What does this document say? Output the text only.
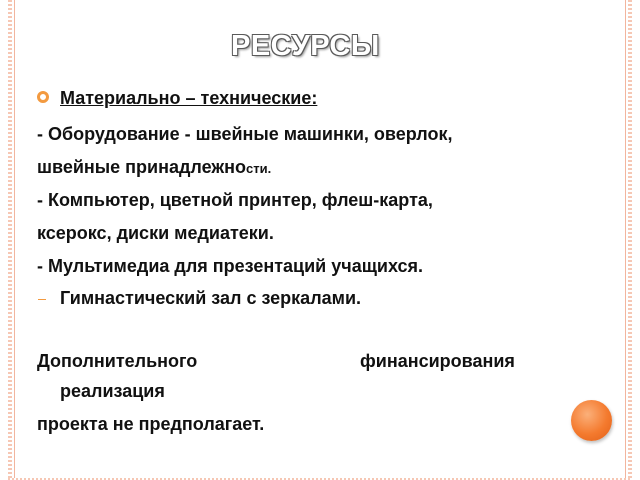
РЕСУРСЫ
Материально – технические:
- Оборудование - швейные машинки, оверлок,
швейные принадлежности.
- Компьютер, цветной принтер, флеш-карта,
ксерокс, диски медиатеки.
- Мультимедиа для презентаций учащихся.
Гимнастический зал с зеркалами.
Дополнительного	финансирования
реализация
проекта не предполагает.
